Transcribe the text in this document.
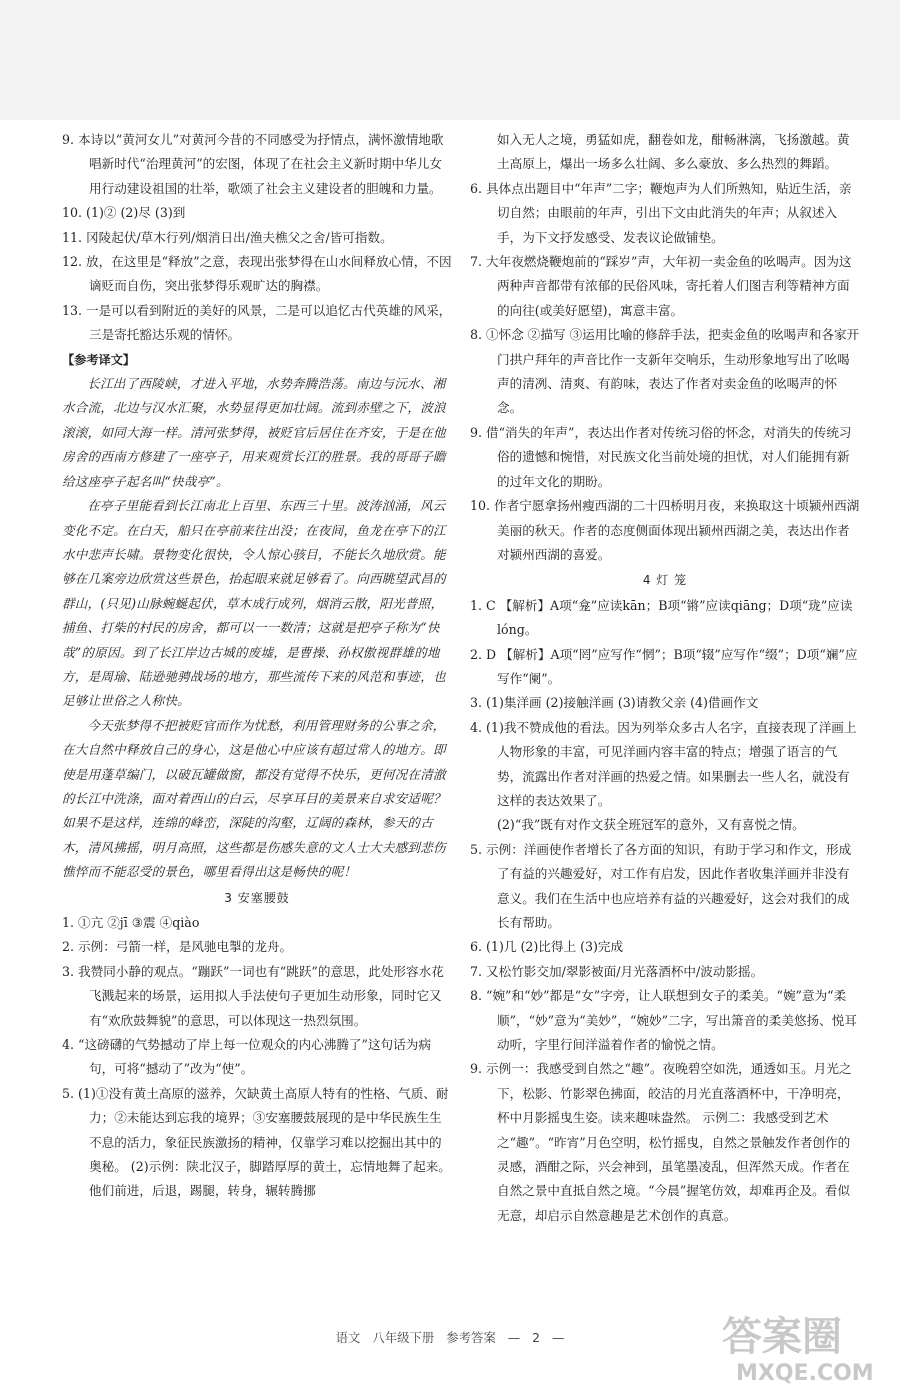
9. 本诗以“黄河女儿”对黄河今昔的不同感受为抒情点，满怀激情地歌唱新时代“治理黄河”的宏图，体现了在社会主义新时期中华儿女用行动建设祖国的壮举，歌颂了社会主义建设者的胆魄和力量。

10. (1)② (2)尽 (3)到

11. 冈陵起伏/草木行列/烟消日出/渔夫樵父之舍/皆可指数。

12. 放，在这里是“释放”之意，表现出张梦得在山水间释放心情，不因谪贬而自伤，突出张梦得乐观旷达的胸襟。

13. 一是可以看到附近的美好的风景，二是可以追忆古代英雄的风采，三是寄托豁达乐观的情怀。

【参考译文】

长江出了西陵峡，才进入平地，水势奔腾浩荡。南边与沅水、湘水合流，北边与汉水汇聚，水势显得更加壮阔。流到赤壁之下，波浪滚滚，如同大海一样。清河张梦得，被贬官后居住在齐安，于是在他房舍的西南方修建了一座亭子，用来观赏长江的胜景。我的哥哥子瞻给这座亭子起名叫“快哉亭”。

在亭子里能看到长江南北上百里、东西三十里。波涛汹涌，风云变化不定。在白天，船只在亭前来往出没；在夜间，鱼龙在亭下的江水中悲声长啸。景物变化很快，令人惊心骇目，不能长久地欣赏。能够在几案旁边欣赏这些景色，抬起眼来就足够看了。向西眺望武昌的群山，(只见)山脉蜿蜒起伏，草木成行成列，烟消云散，阳光普照，捕鱼、打柴的村民的房舍，都可以一一数清；这就是把亭子称为“快哉”的原因。到了长江岸边古城的废墟，是曹操、孙权傲视群雄的地方，是周瑜、陆逊驰骋战场的地方，那些流传下来的风范和事迹，也足够让世俗之人称快。

今天张梦得不把被贬官而作为忧愁，利用管理财务的公事之余，在大自然中释放自己的身心，这是他心中应该有超过常人的地方。即使是用蓬草编门，以破瓦罐做窗，都没有觉得不快乐，更何况在清澈的长江中洗涤，面对着西山的白云，尽享耳目的美景来自求安适呢？如果不是这样，连绵的峰峦，深陡的沟壑，辽阔的森林，参天的古木，清风拂摇，明月高照，这些都是伤感失意的文人士大夫感到悲伤憔悴而不能忍受的景色，哪里看得出这是畅快的呢！

3 安塞腰鼓

1. ①亢 ②jī ③震 ④qiào

2. 示例：弓箭一样，是风驰电掣的龙舟。

3. 我赞同小静的观点。“蹦跃”一词也有“跳跃”的意思，此处形容水花飞溅起来的场景，运用拟人手法使句子更加生动形象，同时它又有“欢欣鼓舞貌”的意思，可以体现这一热烈氛围。

4. “这磅礴的气势撼动了岸上每一位观众的内心沸腾了”这句话为病句，可将“撼动了”改为“使”。

5. (1)①没有黄土高原的滋养，欠缺黄土高原人特有的性格、气质、耐力；②未能达到忘我的境界；③安塞腰鼓展现的是中华民族生生不息的活力，象征民族激扬的精神，仅靠学习难以挖掘出其中的奥秘。 (2)示例：陕北汉子，脚踏厚厚的黄土，忘情地舞了起来。他们前进，后退，踢腿，转身，辗转腾挪

如入无人之境，勇猛如虎，翻卷如龙，酣畅淋漓，飞扬激越。黄土高原上，爆出一场多么壮阔、多么豪放、多么热烈的舞蹈。

6. 具体点出题目中“年声”二字；鞭炮声为人们所熟知，贴近生活，亲切自然；由眼前的年声，引出下文由此消失的年声；从叙述入手，为下文抒发感受、发表议论做铺垫。

7. 大年夜燃烧鞭炮前的“踩岁”声，大年初一卖金鱼的吆喝声。因为这两种声音都带有浓郁的民俗风味，寄托着人们图吉利等精神方面的向往(或美好愿望)，寓意丰富。

8. ①怀念 ②描写 ③运用比喻的修辞手法，把卖金鱼的吆喝声和各家开门拱户拜年的声音比作一支新年交响乐，生动形象地写出了吆喝声的清冽、清爽、有韵味，表达了作者对卖金鱼的吆喝声的怀念。

9. 借“消失的年声”，表达出作者对传统习俗的怀念，对消失的传统习俗的遗憾和惋惜，对民族文化当前处境的担忧，对人们能拥有新的过年文化的期盼。

10. 作者宁愿拿扬州瘦西湖的二十四桥明月夜，来换取这十顷颍州西湖美丽的秋天。作者的态度侧面体现出颍州西湖之美，表达出作者对颍州西湖的喜爱。

4 灯 笼

1. C 【解析】A项“龛”应读kān；B项“锵”应读qiāng；D项“珑”应读lóng。

2. D 【解析】A项“罔”应写作“惘”；B项“辍”应写作“缀”；D项“斓”应写作“阑”。

3. (1)集洋画 (2)接触洋画 (3)请教父亲 (4)借画作文

4. (1)我不赞成他的看法。因为列举众多古人名字，直接表现了洋画上人物形象的丰富，可见洋画内容丰富的特点；增强了语言的气势，流露出作者对洋画的热爱之情。如果删去一些人名，就没有这样的表达效果了。

(2)“我”既有对作文获全班冠军的意外，又有喜悦之情。

5. 示例：洋画使作者增长了各方面的知识，有助于学习和作文，形成了有益的兴趣爱好，对工作有启发，因此作者收集洋画并非没有意义。我们在生活中也应培养有益的兴趣爱好，这会对我们的成长有帮助。

6. (1)几 (2)比得上 (3)完成

7. 又松竹影交加/翠影被面/月光落酒杯中/波动影摇。

8. “婉”和“妙”都是“女”字旁，让人联想到女子的柔美。“婉”意为“柔顺”，“妙”意为“美妙”，“婉妙”二字，写出箫音的柔美悠扬、悦耳动听，字里行间洋溢着作者的愉悦之情。

9. 示例一：我感受到自然之“趣”。夜晚碧空如洗，通透如玉。月光之下，松影、竹影翠色拂面，皎洁的月光直落酒杯中，干净明亮，杯中月影摇曳生姿。读来趣味盎然。 示例二：我感受到艺术之“趣”。“昨宵”月色空明，松竹摇曳，自然之景触发作者创作的灵感，酒酣之际，兴会神到，虽笔墨凌乱，但浑然天成。作者在自然之景中直抵自然之境。“今晨”握笔仿效，却难再企及。看似无意，却启示自然意趣是艺术创作的真意。

语文 八年级下册 参考答案 — 2 —	答案圈
MXQE.COM
